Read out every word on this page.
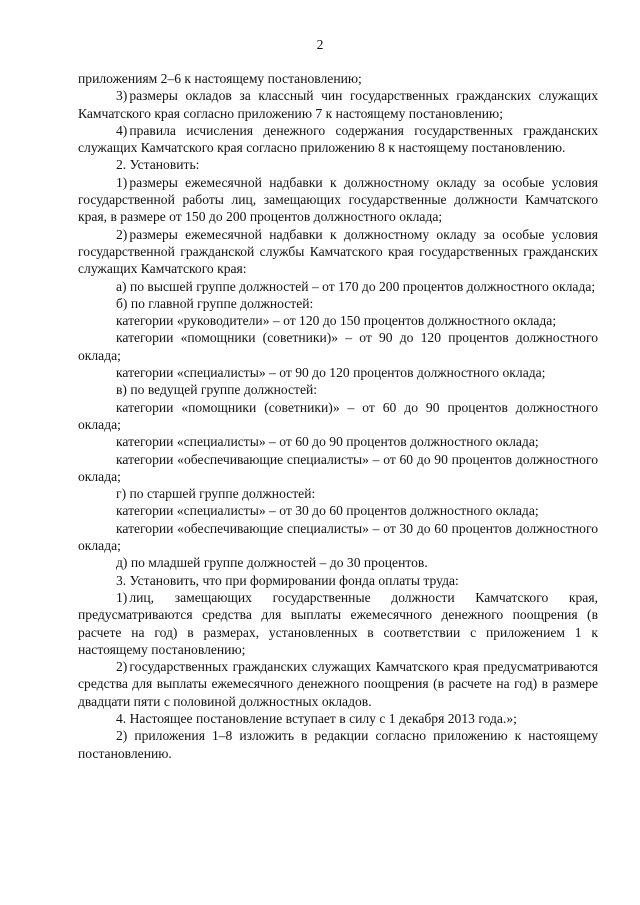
2

приложениям 2–6 к настоящему постановлению;

3) размеры окладов за классный чин государственных гражданских служащих Камчатского края согласно приложению 7 к настоящему постановлению;

4) правила исчисления денежного содержания государственных гражданских служащих Камчатского края согласно приложению 8 к настоящему постановлению.

2. Установить:

1) размеры ежемесячной надбавки к должностному окладу за особые условия государственной работы лиц, замещающих государственные должности Камчатского края, в размере от 150 до 200 процентов должностного оклада;

2) размеры ежемесячной надбавки к должностному окладу за особые условия государственной гражданской службы Камчатского края государственных гражданских служащих Камчатского края:

а) по высшей группе должностей – от 170 до 200 процентов должностного оклада;

б) по главной группе должностей:

категории «руководители» – от 120 до 150 процентов должностного оклада;

категории «помощники (советники)» – от 90 до 120 процентов должностного оклада;

категории «специалисты» – от 90 до 120 процентов должностного оклада;

в) по ведущей группе должностей:

категории «помощники (советники)» – от 60 до 90 процентов должностного оклада;

категории «специалисты» – от 60 до 90 процентов должностного оклада;

категории «обеспечивающие специалисты» – от 60 до 90 процентов должностного оклада;

г) по старшей группе должностей:

категории «специалисты» – от 30 до 60 процентов должностного оклада;

категории «обеспечивающие специалисты» – от 30 до 60 процентов должностного оклада;

д) по младшей группе должностей – до 30 процентов.

3. Установить, что при формировании фонда оплаты труда:

1) лиц, замещающих государственные должности Камчатского края, предусматриваются средства для выплаты ежемесячного денежного поощрения (в расчете на год) в размерах, установленных в соответствии с приложением 1 к настоящему постановлению;

2) государственных гражданских служащих Камчатского края предусматриваются средства для выплаты ежемесячного денежного поощрения (в расчете на год) в размере двадцати пяти с половиной должностных окладов.

4. Настоящее постановление вступает в силу с 1 декабря 2013 года.»;

2) приложения 1–8 изложить в редакции согласно приложению к настоящему постановлению.
